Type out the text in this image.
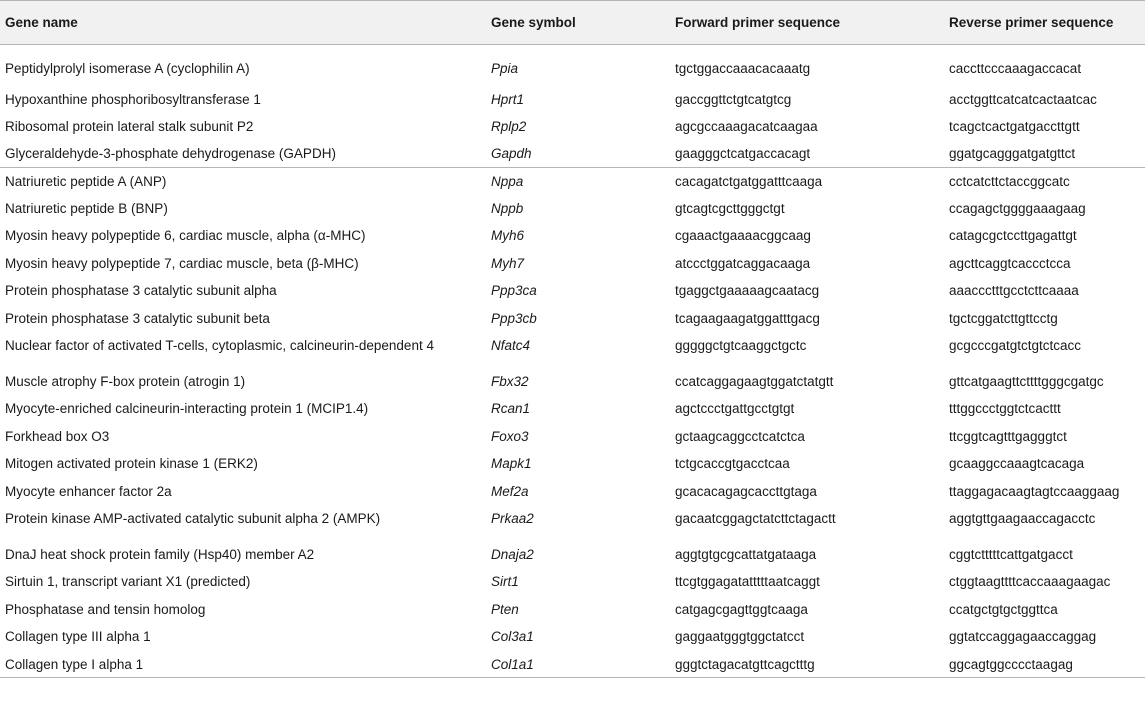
Gene name	Gene symbol	Forward primer sequence	Reverse primer sequence

Peptidylprolyl isomerase A (cyclophilin A)	Ppia	tgctggaccaaacacaaatg	caccttcccaaagaccacat

Hypoxanthine phosphoribosyltransferase 1	Hprt1	gaccggttctgtcatgtcg	acctggttcatcatcactaatcac

Ribosomal protein lateral stalk subunit P2	Rplp2	agcgccaaagacatcaagaa	tcagctcactgatgaccttgtt

Glyceraldehyde-3-phosphate dehydrogenase (GAPDH)	Gapdh	gaagggctcatgaccacagt	ggatgcagggatgatgttct

Natriuretic peptide A (ANP)	Nppa	cacagatctgatggatttcaaga	cctcatcttctaccggcatc

Natriuretic peptide B (BNP)	Nppb	gtcagtcgcttgggctgt	ccagagctggggaaagaag

Myosin heavy polypeptide 6, cardiac muscle, alpha (α-MHC)	Myh6	cgaaactgaaaacggcaag	catagcgctccttgagattgt

Myosin heavy polypeptide 7, cardiac muscle, beta (β-MHC)	Myh7	atccctggatcaggacaaga	agcttcaggtcaccctcca

Protein phosphatase 3 catalytic subunit alpha	Ppp3ca	tgaggctgaaaaagcaatacg	aaaccctttgcctcttcaaaa

Protein phosphatase 3 catalytic subunit beta	Ppp3cb	tcagaagaagatggatttgacg	tgctcggatcttgttcctg

Nuclear factor of activated T-cells, cytoplasmic, calcineurin-dependent 4	Nfatc4	gggggctgtcaaggctgctc	gcgcccgatgtctgtctcacc

Muscle atrophy F-box protein (atrogin 1)	Fbx32	ccatcaggagaagtggatctatgtt	gttcatgaagttcttttgggcgatgc

Myocyte-enriched calcineurin-interacting protein 1 (MCIP1.4)	Rcan1	agctccctgattgcctgtgt	tttggccctggtctcacttt

Forkhead box O3	Foxo3	gctaagcaggcctcatctca	ttcggtcagtttgagggtct

Mitogen activated protein kinase 1 (ERK2)	Mapk1	tctgcaccgtgacctcaa	gcaaggccaaagtcacaga

Myocyte enhancer factor 2a	Mef2a	gcacacagagcaccttgtaga	ttaggagacaagtagtccaaggaag

Protein kinase AMP-activated catalytic subunit alpha 2 (AMPK)	Prkaa2	gacaatcggagctatcttctagactt	aggtgttgaagaaccagacctc

DnaJ heat shock protein family (Hsp40) member A2	Dnaja2	aggtgtgcgcattatgataaga	cggtctttttcattgatgacct

Sirtuin 1, transcript variant X1 (predicted)	Sirt1	ttcgtggagatatttttaatcaggt	ctggtaagttttcaccaaagaagac

Phosphatase and tensin homolog	Pten	catgagcgagttggtcaaga	ccatgctgtgctggttca

Collagen type III alpha 1	Col3a1	gaggaatgggtggctatcct	ggtatccaggagaaccaggag

Collagen type I alpha 1	Col1a1	gggtctagacatgttcagctttg	ggcagtggcccctaagag
